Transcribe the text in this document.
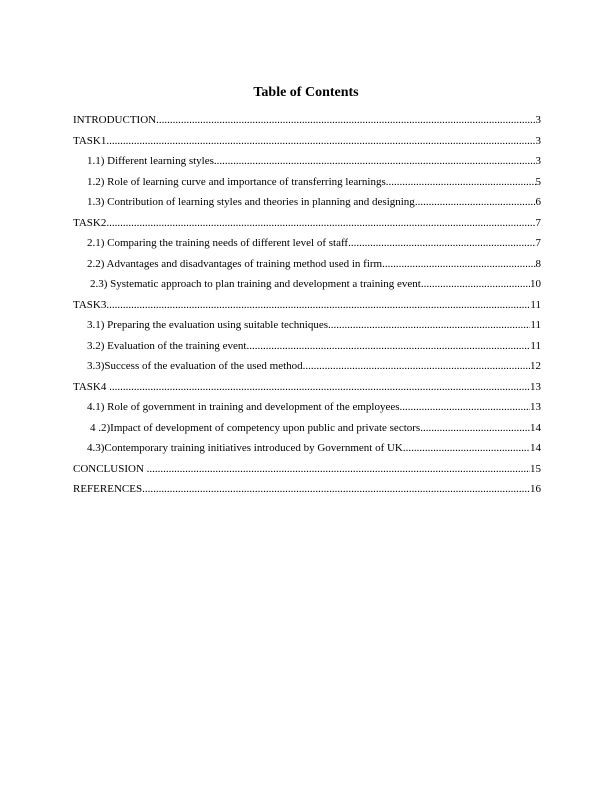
Table of Contents
INTRODUCTION .....	3
TASK1 .....	3
1.1) Different learning styles .....	3
1.2) Role of learning curve and importance of transferring learnings .....	5
1.3) Contribution of learning styles and theories in planning and designing .....	6
TASK2 .....	7
2.1) Comparing the training needs of different level of staff .....	7
2.2) Advantages and disadvantages of training method used in firm .....	8
2.3) Systematic approach to plan training and development a training event .....	10
TASK3 .....	11
3.1) Preparing the evaluation using suitable techniques .....	11
3.2) Evaluation of the training event .....	11
3.3)Success of the evaluation of the used method .....	12
TASK4 .....	13
4.1) Role of government in training and development of the employees .....	13
4 .2)Impact of development of competency upon public and private sectors .....	14
4.3)Contemporary training initiatives introduced by Government of UK .....	14
CONCLUSION .....	15
REFERENCES .....	16
